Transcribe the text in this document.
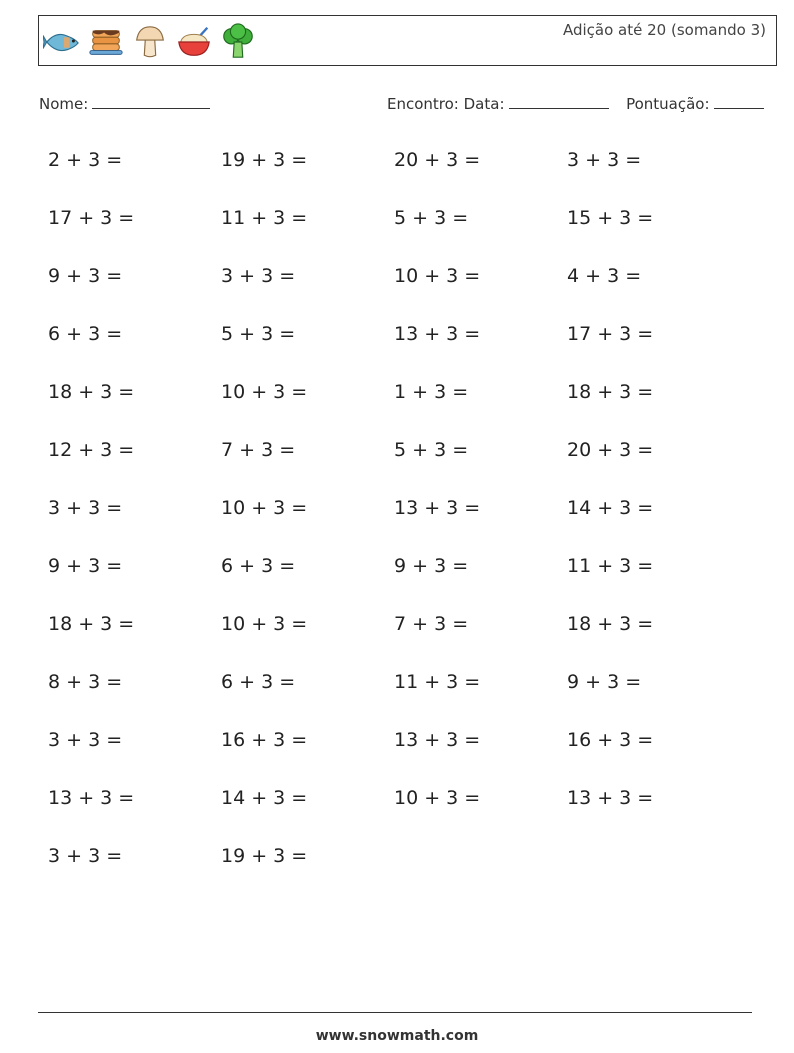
Adição até 20 (somando 3)
Nome:	Encontro: Data:	Pontuação:
2 + 3 =	19 + 3 =	20 + 3 =	3 + 3 =
17 + 3 =	11 + 3 =	5 + 3 =	15 + 3 =
9 + 3 =	3 + 3 =	10 + 3 =	4 + 3 =
6 + 3 =	5 + 3 =	13 + 3 =	17 + 3 =
18 + 3 =	10 + 3 =	1 + 3 =	18 + 3 =
12 + 3 =	7 + 3 =	5 + 3 =	20 + 3 =
3 + 3 =	10 + 3 =	13 + 3 =	14 + 3 =
9 + 3 =	6 + 3 =	9 + 3 =	11 + 3 =
18 + 3 =	10 + 3 =	7 + 3 =	18 + 3 =
8 + 3 =	6 + 3 =	11 + 3 =	9 + 3 =
3 + 3 =	16 + 3 =	13 + 3 =	16 + 3 =
13 + 3 =	14 + 3 =	10 + 3 =	13 + 3 =
3 + 3 =	19 + 3 =
www.snowmath.com
